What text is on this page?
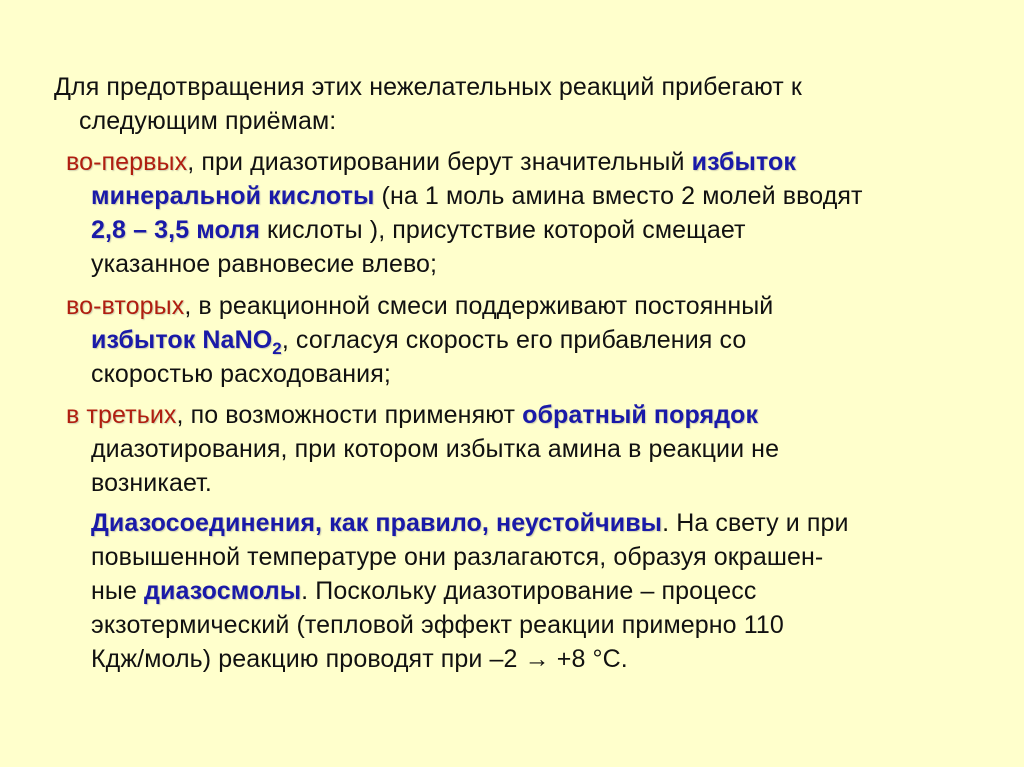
Для предотвращения этих нежелательных реакций прибегают к
следующим приёмам:
во-первых, при диазотировании берут значительный избыток
минеральной кислоты (на 1 моль амина вместо 2 молей вводят
2,8 – 3,5 моля кислоты ), присутствие которой смещает
указанное равновесие влево;
во-вторых, в реакционной смеси поддерживают постоянный
избыток NaNO$_2$, согласуя скорость его прибавления со
скоростью расходования;
в третьих, по возможности применяют обратный порядок
диазотирования, при котором избытка амина в реакции не
возникает.
Диазосоединения, как правило, неустойчивы. На свету и при
повышенной температуре они разлагаются, образуя окрашен-
ные диазосмолы. Поскольку диазотирование – процесс
экзотермический (тепловой эффект реакции примерно 110
Кдж/моль) реакцию проводят при –2 → +8 °С.
